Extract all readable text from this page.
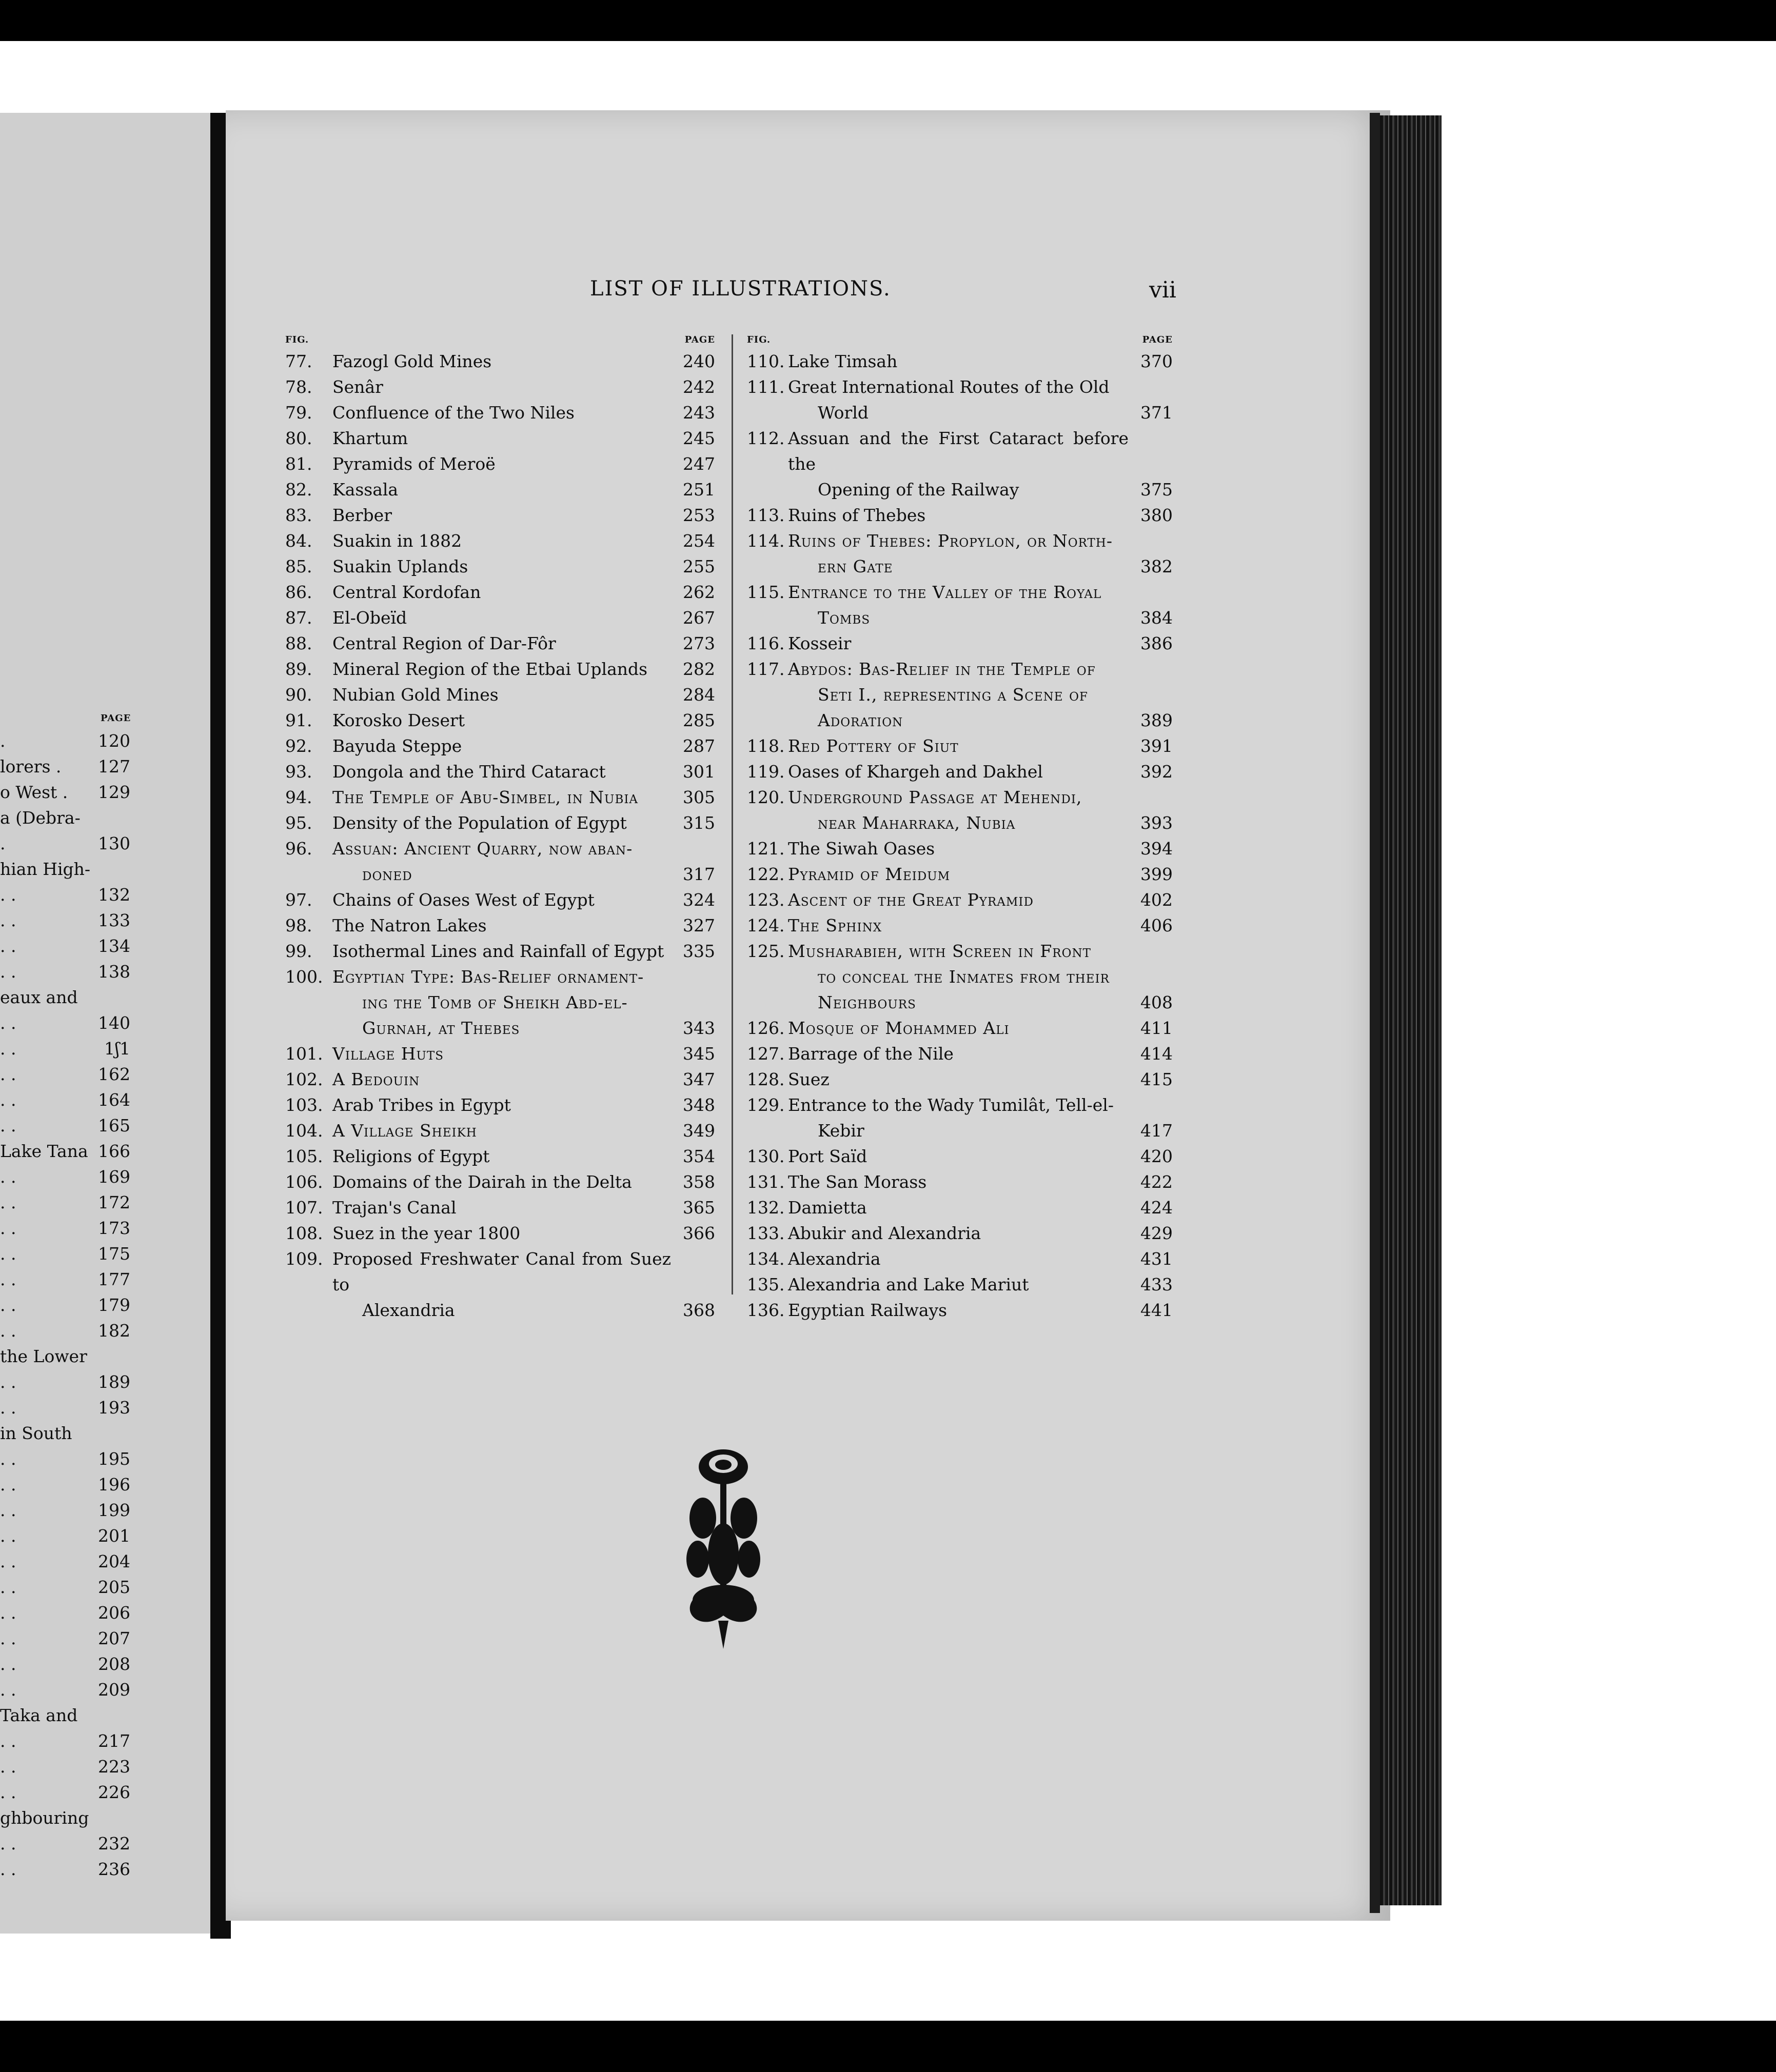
PAGE
.	120
lorers . 127
o West . 129
a (Debra-
.	130
hian High-
. .	132
. .	133
. .	134
. .	138
eaux and
. .	140
. .	1ʃ1
. .	162
. .	164
. .	165
Lake Tana 166
. .	169
. .	172
. .	173
. .	175
. .	177
. .	179
. .	182
the Lower
. .	189
. .	193
in South
. .	195
. .	196
. .	199
. .	201
. .	204
. .	205
. .	206
. .	207
. .	208
. .	209
Taka and
. .	217
. .	223
. .	226
ghbouring
. .	232
. .	236
LIST OF ILLUSTRATIONS.	vii
FIG.	PAGE
77. Fazogl Gold Mines	240
78. Senâr	242
79. Confluence of the Two Niles	243
80. Khartum	245
81. Pyramids of Meroë	247
82. Kassala	251
83. Berber	253
84. Suakin in 1882	254
85. Suakin Uplands	255
86. Central Kordofan	262
87. El-Obeïd	267
88. Central Region of Dar-Fôr	273
89. Mineral Region of the Etbai Uplands	282
90. Nubian Gold Mines	284
91. Korosko Desert	285
92. Bayuda Steppe	287
93. Dongola and the Third Cataract	301
94. The Temple of Abu-Simbel, in Nubia	305
95. Density of the Population of Egypt	315
96. Assuan: Ancient Quarry, now aban-
doned	317
97. Chains of Oases West of Egypt	324
98. The Natron Lakes	327
99. Isothermal Lines and Rainfall of Egypt	335
100. Egyptian Type: Bas-Relief ornament-
ing the Tomb of Sheikh Abd-el-
Gurnah, at Thebes	343
101. Village Huts	345
102. A Bedouin	347
103. Arab Tribes in Egypt	348
104. A Village Sheikh	349
105. Religions of Egypt	354
106. Domains of the Dairah in the Delta	358
107. Trajan's Canal	365
108. Suez in the year 1800	366
109. Proposed Freshwater Canal from Suez to
Alexandria	368
FIG.	PAGE
110. Lake Timsah	370
111. Great International Routes of the Old
World	371
112. Assuan and the First Cataract before the
Opening of the Railway	375
113. Ruins of Thebes	380
114. Ruins of Thebes: Propylon, or North-
ern Gate	382
115. Entrance to the Valley of the Royal
Tombs	384
116. Kosseir	386
117. Abydos: Bas-Relief in the Temple of
Seti I., representing a Scene of
Adoration	389
118. Red Pottery of Siut	391
119. Oases of Khargeh and Dakhel	392
120. Underground Passage at Mehendi,
near Maharraka, Nubia	393
121. The Siwah Oases	394
122. Pyramid of Meidum	399
123. Ascent of the Great Pyramid	402
124. The Sphinx	406
125. Musharabieh, with Screen in Front
to conceal the Inmates from their
Neighbours	408
126. Mosque of Mohammed Ali	411
127. Barrage of the Nile	414
128. Suez	415
129. Entrance to the Wady Tumilât, Tell-el-
Kebir	417
130. Port Saïd	420
131. The San Morass	422
132. Damietta	424
133. Abukir and Alexandria	429
134. Alexandria	431
135. Alexandria and Lake Mariut	433
136. Egyptian Railways	441
